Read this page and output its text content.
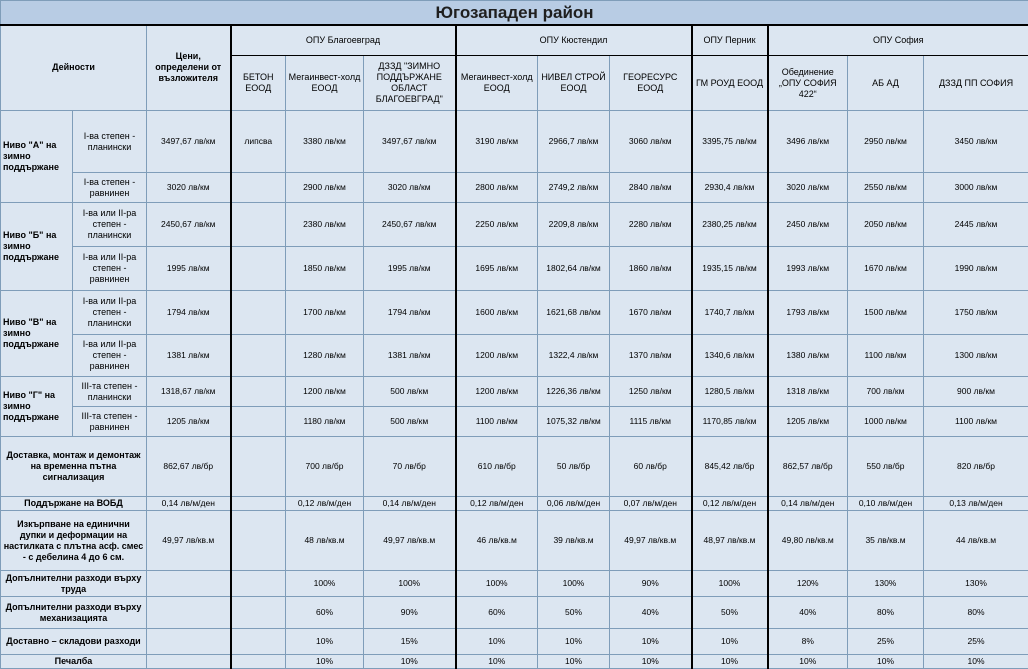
Югозападен район												
Дейности		Цени, определени от възложителя	ОПУ Благоевград			ОПУ Кюстендил			ОПУ Перник	ОПУ София		
			БЕТОН ЕООД	Мегаинвест-холд ЕООД	ДЗЗД "ЗИМНО ПОДДЪРЖАНЕ ОБЛАСТ БЛАГОЕВГРАД"	Мегаинвест-холд ЕООД	НИВЕЛ СТРОЙ ЕООД	ГЕОРЕСУРС ЕООД	ГМ РОУД ЕООД	Обединение „ОПУ СОФИЯ 422“	АБ АД	ДЗЗД ПП СОФИЯ
Ниво "А" на зимно поддържане	I-ва степен - планински	3497,67 лв/км	липсва	3380 лв/км	3497,67 лв/км	3190 лв/км	2966,7 лв/км	3060 лв/км	3395,75 лв/км	3496 лв/км	2950 лв/км	3450 лв/км
	I-ва степен - равнинен	3020 лв/км		2900 лв/км	3020 лв/км	2800 лв/км	2749,2 лв/км	2840 лв/км	2930,4 лв/км	3020 лв/км	2550 лв/км	3000 лв/км
Ниво "Б" на зимно поддържане	I-ва или II-ра степен - планински	2450,67 лв/км		2380 лв/км	2450,67 лв/км	2250 лв/км	2209,8 лв/км	2280 лв/км	2380,25 лв/км	2450 лв/км	2050 лв/км	2445 лв/км
	I-ва или II-ра степен - равнинен	1995 лв/км		1850 лв/км	1995 лв/км	1695 лв/км	1802,64 лв/км	1860 лв/км	1935,15 лв/км	1993 лв/км	1670 лв/км	1990 лв/км
Ниво "В" на зимно поддържане	I-ва или II-ра степен - планински	1794 лв/км		1700 лв/км	1794 лв/км	1600 лв/км	1621,68 лв/км	1670 лв/км	1740,7 лв/км	1793 лв/км	1500 лв/км	1750 лв/км
	I-ва или II-ра степен - равнинен	1381 лв/км		1280 лв/км	1381 лв/км	1200 лв/км	1322,4 лв/км	1370 лв/км	1340,6 лв/км	1380 лв/км	1100 лв/км	1300 лв/км
Ниво "Г" на зимно поддържане	III-та степен - планински	1318,67 лв/км		1200 лв/км	500 лв/км	1200 лв/км	1226,36 лв/км	1250 лв/км	1280,5 лв/км	1318 лв/км	700 лв/км	900 лв/км
	III-та степен - равнинен	1205 лв/км		1180 лв/км	500 лв/км	1100 лв/км	1075,32 лв/км	1115 лв/км	1170,85 лв/км	1205 лв/км	1000 лв/км	1100 лв/км
Доставка, монтаж и демонтаж на временна пътна сигнализация		862,67 лв/бр		700 лв/бр	70 лв/бр	610 лв/бр	50 лв/бр	60 лв/бр	845,42 лв/бр	862,57 лв/бр	550 лв/бр	820 лв/бр
Поддържане на ВОБД		0,14 лв/м/ден		0,12 лв/м/ден	0,14 лв/м/ден	0,12 лв/м/ден	0,06 лв/м/ден	0,07 лв/м/ден	0,12 лв/м/ден	0,14 лв/м/ден	0,10 лв/м/ден	0,13 лв/м/ден
Изкърпване на единични дупки и деформации на настилката с плътна асф. смес - с дебелина 4 до 6 см.		49,97 лв/кв.м		48 лв/кв.м	49,97 лв/кв.м	46 лв/кв.м	39 лв/кв.м	49,97 лв/кв.м	48,97 лв/кв.м	49,80 лв/кв.м	35 лв/кв.м	44 лв/кв.м
Допълнителни разходи върху труда				100%	100%	100%	100%	90%	100%	120%	130%	130%
Допълнителни разходи върху механизацията				60%	90%	60%	50%	40%	50%	40%	80%	80%
Доставно – складови разходи				10%	15%	10%	10%	10%	10%	8%	25%	25%
Печалба				10%	10%	10%	10%	10%	10%	10%	10%	10%
